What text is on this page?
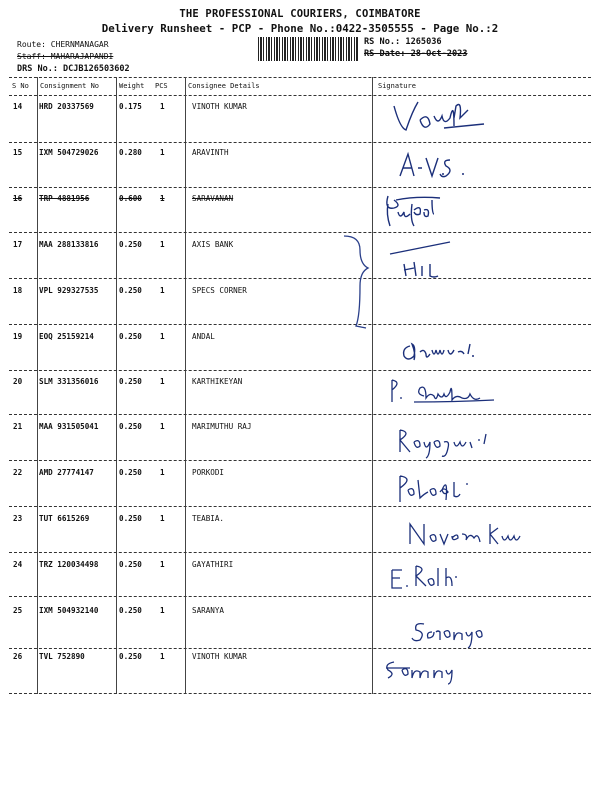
THE PROFESSIONAL COURIERS, COIMBATORE
Delivery Runsheet - PCP - Phone No.:0422-3505555 - Page No.:2
Route: CHERNMANAGAR
Staff: MAHARAJAPANDI
DRS No.: DCJB126503602
RS No.: 1265036
RS Date: 28-Oct-2023
S No Consignment No	Weight PCS	Consignee Details	Signature
14 HRD 20337569	0.175 1	VINOTH KUMAR
15 IXM 504729026	0.280 1	ARAVINTH
16 TRP 4881956	0.600 1	SARAVANAN
17 MAA 288133816	0.250 1	AXIS BANK
18 VPL 929327535	0.250 1	SPECS CORNER
19 EOQ 25159214	0.250 1	ANDAL
20 SLM 331356016	0.250 1	KARTHIKEYAN
21 MAA 931505041	0.250 1	MARIMUTHU RAJ
22 AMD 27774147	0.250 1	PORKODI
23 TUT 6615269	0.250 1	TEABIA.
24 TRZ 120034498	0.250 1	GAYATHIRI
25 IXM 504932140	0.250 1	SARANYA
26 TVL 752890	0.250 1	VINOTH KUMAR
